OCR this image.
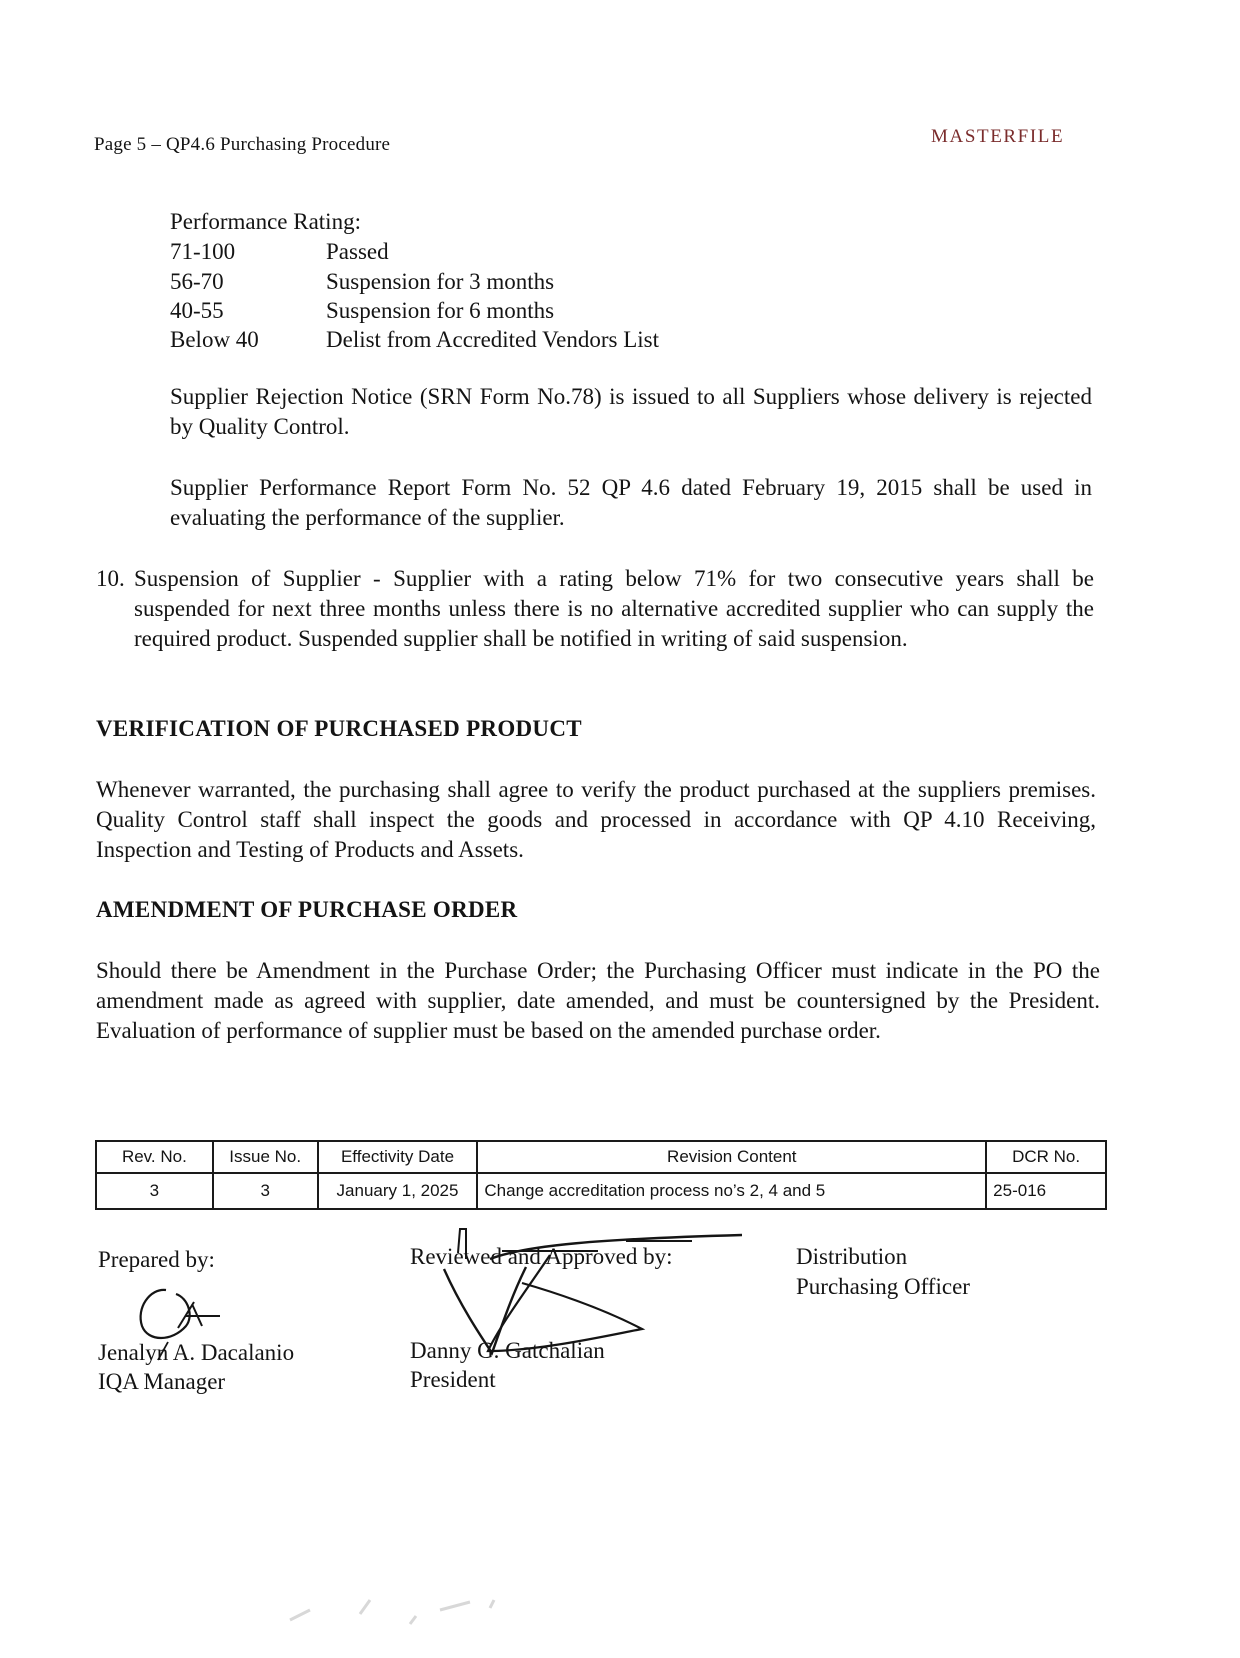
Page 5 – QP4.6 Purchasing Procedure	MASTERFILE
Performance Rating:
71-100	Passed
56-70	Suspension for 3 months
40-55	Suspension for 6 months
Below 40	Delist from Accredited Vendors List
Supplier Rejection Notice (SRN Form No.78) is issued to all Suppliers whose delivery is rejected by Quality Control.
Supplier Performance Report Form No. 52 QP 4.6 dated February 19, 2015 shall be used in evaluating the performance of the supplier.
10. Suspension of Supplier - Supplier with a rating below 71% for two consecutive years shall be suspended for next three months unless there is no alternative accredited supplier who can supply the required product. Suspended supplier shall be notified in writing of said suspension.
VERIFICATION OF PURCHASED PRODUCT
Whenever warranted, the purchasing shall agree to verify the product purchased at the suppliers premises. Quality Control staff shall inspect the goods and processed in accordance with QP 4.10 Receiving, Inspection and Testing of Products and Assets.
AMENDMENT OF PURCHASE ORDER
Should there be Amendment in the Purchase Order; the Purchasing Officer must indicate in the PO the amendment made as agreed with supplier, date amended, and must be countersigned by the President. Evaluation of performance of supplier must be based on the amended purchase order.
Rev. No.	Issue No.	Effectivity Date	Revision Content	DCR No.
3	3	January 1, 2025	Change accreditation process no’s 2, 4 and 5	25-016
Prepared by:
Jenalyn A. Dacalanio
IQA Manager
Reviewed and Approved by:
Danny G. Gatchalian
President
Distribution
Purchasing Officer
